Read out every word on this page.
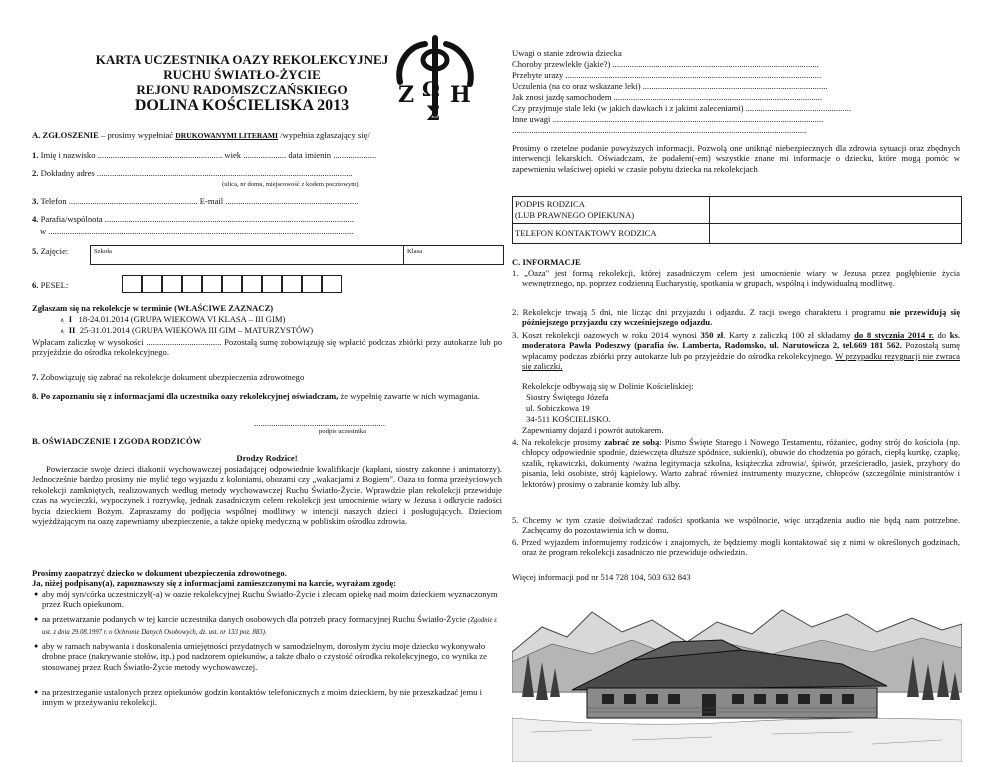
KARTA UCZESTNIKA OAZY REKOLEKCYJNEJ
RUCHU ŚWIATŁO-ŻYCIE
REJONU RADOMSZCZAŃSKIEGO
DOLINA KOŚCIELISKA 2013	Z H
Ω
Σ
A. ZGŁOSZENIE – prosimy wypełniać DRUKOWANYMI LITERAMI /wypełnia zgłaszający się/
1. Imię i nazwisko .......................................................... wiek .................... data imienin ....................
2. Dokładny adres .......................................................................................................................
(ulica, nr domu, miejscowość z kodem pocztowym)
3. Telefon ............................................................ E-mail ..............................................................
4. Parafia/wspólnota ....................................................................................................................
w ..............................................................................................................................................
5. Zajęcie:	Szkoła	Klasa
6. PESEL:
Zgłaszam się na rekolekcje w terminie (WŁAŚCIWE ZAZNACZ)
∧ I 18-24.01.2014 (GRUPA WIEKOWA VI KLASA – III GIM)
∧ II 25-31.01.2014 (GRUPA WIEKOWA III GIM – MATURZYSTÓW)
Wpłacam zaliczkę w wysokości ................................... Pozostałą sumę zobowiązuję się wpłacić podczas zbiórki przy autokarze lub po przyjeździe do ośrodka rekolekcyjnego.
7. Zobowiązuję się zabrać na rekolekcje dokument ubezpieczenia zdrowotnego
8. Po zapoznaniu się z informacjami dla uczestnika oazy rekolekcyjnej oświadczam, że wypełnię zawarte w nich wymagania.
.............................................................
podpis uczestnika
B. OŚWIADCZENIE I ZGODA RODZICÓW
Drodzy Rodzice!
Powierzacie swoje dzieci diakonii wychowawczej posiadającej odpowiednie kwalifikacje (kapłani, siostry zakonne i animatorzy). Jednocześnie bardzo prosimy nie mylić tego wyjazdu z koloniami, obozami czy „wakacjami z Bogiem". Oaza to forma przeżyciowych rekolekcji zamkniętych, realizowanych według metody wychowawczej Ruchu Światło-Życie. Wprawdzie plan rekolekcji przewiduje czas na wycieczki, wypoczynek i rozrywkę, jednak zasadniczym celem rekolekcji jest umocnienie wiary w Jezusa i odkrycie radości bycia dzieckiem Bożym. Zapraszamy do podjęcia wspólnej modlitwy w intencji naszych dzieci i posługujących. Dzieciom wyjeżdżającym na oazę zapewniamy ubezpieczenie, a także opiekę medyczną w pobliskim ośrodku zdrowia.
Prosimy zaopatrzyć dziecko w dokument ubezpieczenia zdrowotnego.
Ja, niżej podpisany(a), zapoznawszy się z informacjami zamieszczonymi na karcie, wyrażam zgodę:
● aby mój syn/córka uczestniczył(-a) w oazie rekolekcyjnej Ruchu Światło-Życie i zlecam opiekę nad moim dzieckiem wyznaczonym przez Ruch opiekunom.
● na przetwarzanie podanych w tej karcie uczestnika danych osobowych dla potrzeb pracy formacyjnej Ruchu Światło-Życie (Zgodnie z ust. z dnia 29.08.1997 r. o Ochronie Danych Osobowych, dz. ust. nr 133 poz. 883).
● aby w ramach nabywania i doskonalenia umiejętności przydatnych w samodzielnym, dorosłym życiu moje dziecko wykonywało drobne prace (nakrywanie stołów, itp.) pod nadzorem opiekunów, a także dbało o czystość ośrodka rekolekcyjnego, co wynika ze stosowanej przez Ruch Światło-Życie metody wychowawczej.
● na przestrzeganie ustalonych przez opiekunów godzin kontaktów telefonicznych z moim dzieckiem, by nie przeszkadzać jemu i innym w przeżywaniu rekolekcji.
Uwagi o stanie zdrowia dziecka
Choroby przewlekłe (jakie?) ................................................................................................
Przebyte urazy .......................................................................................................................
Uczulenia (na co oraz wskazane leki) ......................................................................................
Jak znosi jazdę samochodem .................................................................................................
Czy przyjmuje stale leki (w jakich dawkach i z jakimi zaleceniami) .................................................
Inne uwagi ..............................................................................................................................
.........................................................................................................................................
Prosimy o rzetelne podanie powyższych informacji. Pozwolą one uniknąć niebezpiecznych dla zdrowia sytuacji oraz zbędnych interwencji lekarskich. Oświadczam, że podałem(-em) wszystkie znane mi informacje o dziecku, które mogą pomóc w zapewnieniu właściwej opieki w czasie pobytu dziecka na rekolekcjach
PODPIS RODZICA
(LUB PRAWNEGO OPIEKUNA)
TELEFON KONTAKTOWY RODZICA
C. INFORMACJE
1. „Oaza" jest formą rekolekcji, której zasadniczym celem jest umocnienie wiary w Jezusa przez pogłębienie życia wewnętrznego, np. poprzez codzienną Eucharystię, spotkania w grupach, wspólną i indywidualną modlitwę.
2. Rekolekcje trwają 5 dni, nie licząc dni przyjazdu i odjazdu. Z racji swego charakteru i programu nie przewidują się późniejszego przyjazdu czy wcześniejszego odjazdu.
3. Koszt rekolekcji oazowych w roku 2014 wynosi 350 zł. Karty z zaliczką 100 zł składamy do 8 stycznia 2014 r. do ks. moderatora Pawła Podeszwy (parafia św. Lamberta, Radomsko, ul. Narutowicza 2, tel.669 181 562. Pozostałą sumę wpłacamy podczas zbiórki przy autokarze lub po przyjeździe do ośrodka rekolekcyjnego. W przypadku rezygnacji nie zwraca się zaliczki.
Rekolekcje odbywają się w Dolinie Kościeliskiej:
Siostry Świętego Józefa
ul. Sobiczkowa 19
34-511 KOŚCIELISKO.
Zapewniamy dojazd i powrót autokarem.
4. Na rekolekcje prosimy zabrać ze sobą: Pismo Święte Starego i Nowego Testamentu, różaniec, godny strój do kościoła (np. chłopcy odpowiednie spodnie, dziewczęta dłuższe spódnice, sukienki), obuwie do chodzenia po górach, ciepłą kurtkę, czapkę, szalik, rękawiczki, dokumenty /ważna legitymacja szkolna, książeczka zdrowia/, śpiwór, prześcieradło, jasiek, przybory do pisania, leki osobiste, strój kąpielowy. Warto zabrać również instrumenty muzyczne, chłopców (szczególnie ministrantów i lektorów) prosimy o zabranie komży lub alby.
5. Chcemy w tym czasie doświadczać radości spotkania we wspólnocie, więc urządzenia audio nie będą nam potrzebne. Zachęcamy do pozostawienia ich w domu.
6. Przed wyjazdem informujemy rodziców i znajomych, że będziemy mogli kontaktować się z nimi w określonych godzinach, oraz że program rekolekcji zasadniczo nie przewiduje odwiedzin.
Więcej informacji pod nr 514 728 104, 503 632 843
